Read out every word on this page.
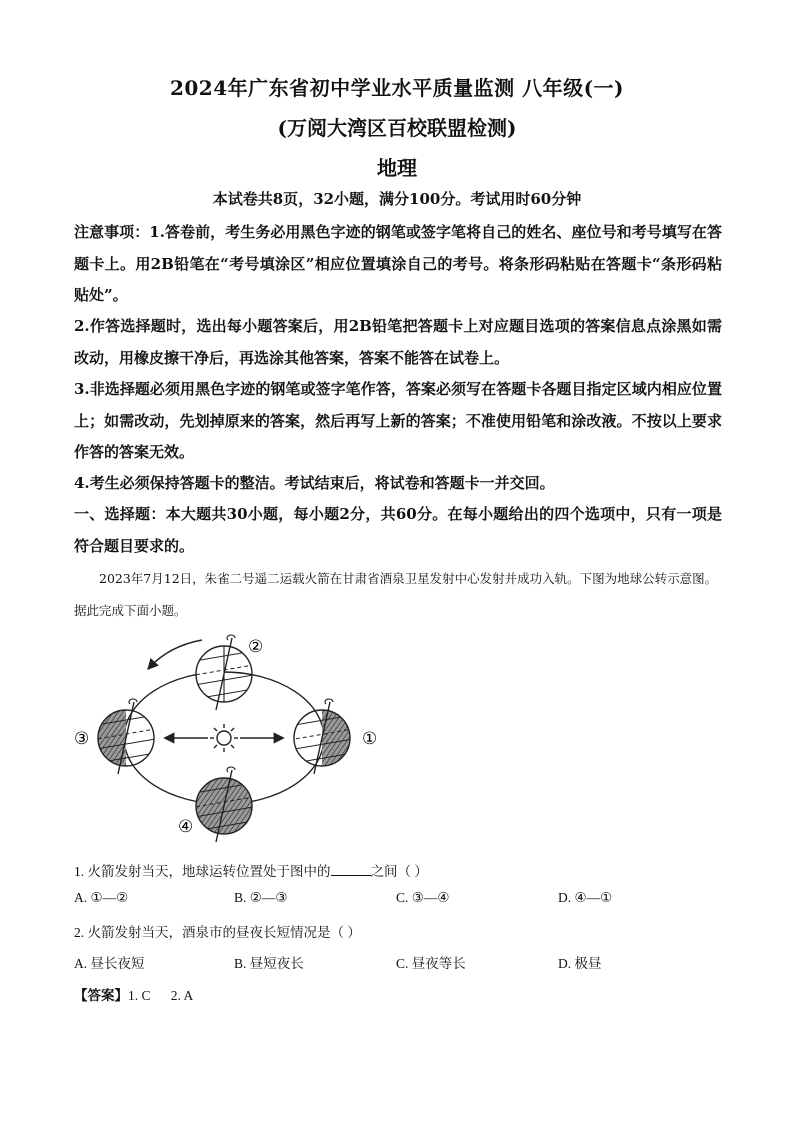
2024年广东省初中学业水平质量监测 八年级(一)
(万阅大湾区百校联盟检测)
地理
本试卷共8页，32小题，满分100分。考试用时60分钟

注意事项：1.答卷前，考生务必用黑色字迹的钢笔或签字笔将自己的姓名、座位号和考号填写在答题卡上。用2B铅笔在“考号填涂区”相应位置填涂自己的考号。将条形码粘贴在答题卡“条形码粘贴处”。

2.作答选择题时，选出每小题答案后，用2B铅笔把答题卡上对应题目选项的答案信息点涂黑如需改动，用橡皮擦干净后，再选涂其他答案，答案不能答在试卷上。

3.非选择题必须用黑色字迹的钢笔或签字笔作答，答案必须写在答题卡各题目指定区域内相应位置上；如需改动，先划掉原来的答案，然后再写上新的答案；不准使用铅笔和涂改液。不按以上要求作答的答案无效。

4.考生必须保持答题卡的整洁。考试结束后，将试卷和答题卡一并交回。

一、选择题：本大题共30小题，每小题2分，共60分。在每小题给出的四个选项中，只有一项是符合题目要求的。

2023年7月12日，朱雀二号遥二运载火箭在甘肃省酒泉卫星发射中心发射并成功入轨。下图为地球公转示意图。据此完成下面小题。

①
②
③
④
1. 火箭发射当天，地球运转位置处于图中的	之间（ ）
A. ①—②	B. ②—③	C. ③—④	D. ④—①
2. 火箭发射当天，酒泉市的昼夜长短情况是（ ）
A. 昼长夜短	B. 昼短夜长	C. 昼夜等长	D. 极昼
【答案】1. C      2. A
